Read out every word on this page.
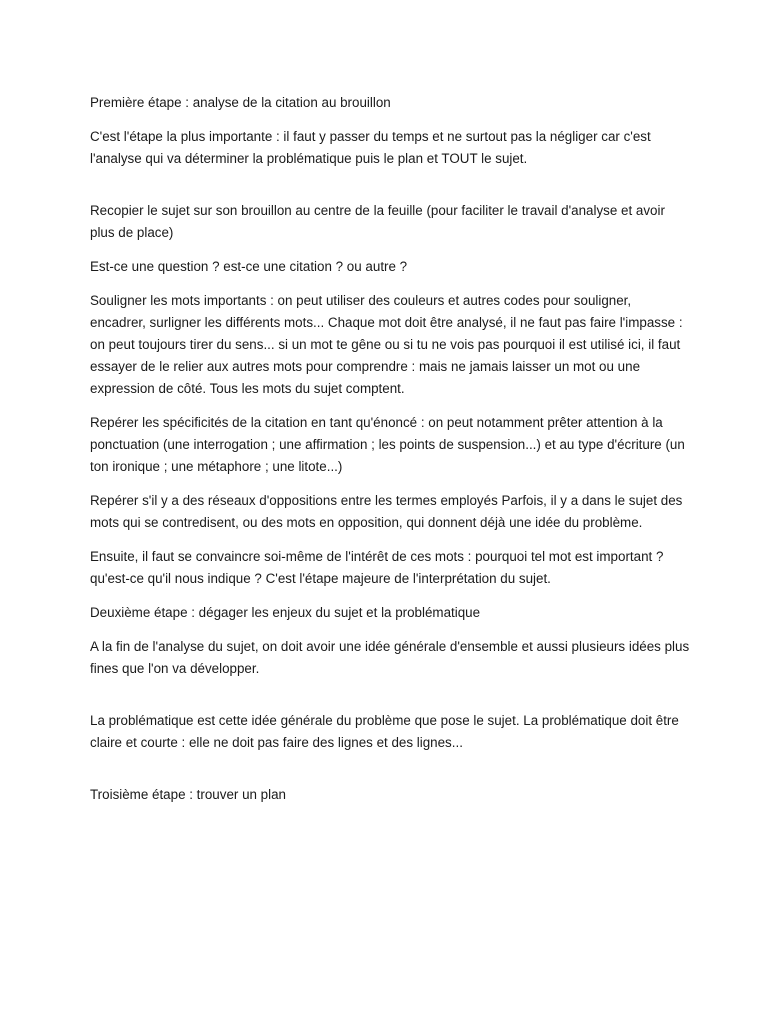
Première étape : analyse de la citation au brouillon

C'est l'étape la plus importante : il faut y passer du temps et ne surtout pas la négliger car c'est l'analyse qui va déterminer la problématique puis le plan et TOUT le sujet.

Recopier le sujet sur son brouillon au centre de la feuille (pour faciliter le travail d'analyse et avoir plus de place)

Est-ce une question ? est-ce une citation ? ou autre ?

Souligner les mots importants : on peut utiliser des couleurs et autres codes pour souligner, encadrer, surligner les différents mots... Chaque mot doit être analysé, il ne faut pas faire l'impasse : on peut toujours tirer du sens... si un mot te gêne ou si tu ne vois pas pourquoi il est utilisé ici, il faut essayer de le relier aux autres mots pour comprendre : mais ne jamais laisser un mot ou une expression de côté. Tous les mots du sujet comptent.

Repérer les spécificités de la citation en tant qu'énoncé : on peut notamment prêter attention à la ponctuation (une interrogation ; une affirmation ; les points de suspension...) et au type d'écriture (un ton ironique ; une métaphore ; une litote...)

Repérer s'il y a des réseaux d'oppositions entre les termes employés Parfois, il y a dans le sujet des mots qui se contredisent, ou des mots en opposition, qui donnent déjà une idée du problème.

Ensuite, il faut se convaincre soi-même de l'intérêt de ces mots : pourquoi tel mot est important ? qu'est-ce qu'il nous indique ? C'est l'étape majeure de l'interprétation du sujet.

Deuxième étape : dégager les enjeux du sujet et la problématique

A la fin de l'analyse du sujet, on doit avoir une idée générale d'ensemble et aussi plusieurs idées plus fines que l'on va développer.

La problématique est cette idée générale du problème que pose le sujet. La problématique doit être claire et courte : elle ne doit pas faire des lignes et des lignes...

Troisième étape : trouver un plan
